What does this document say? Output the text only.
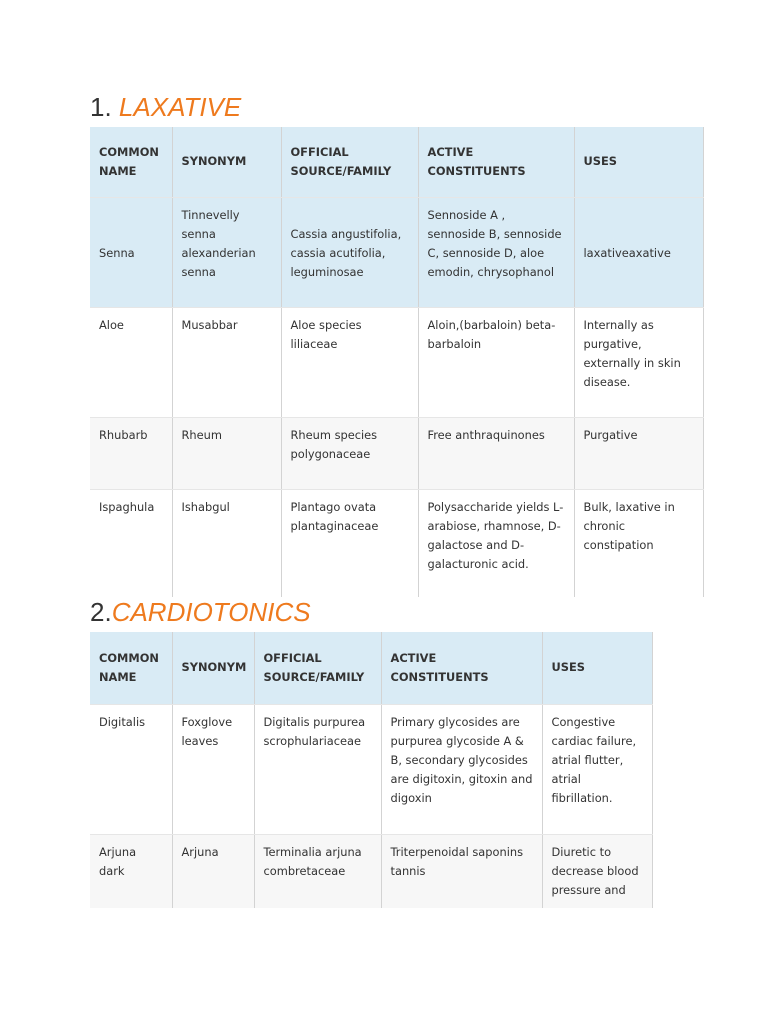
1. LAXATIVE
COMMON NAME	SYNONYM	OFFICIAL SOURCE/FAMILY	ACTIVE CONSTITUENTS	USES
Senna	Tinnevelly senna alexanderian senna	Cassia angustifolia, cassia acutifolia, leguminosae	Sennoside A , sennoside B, sennoside C, sennoside D, aloe emodin, chrysophanol	laxativeaxative
Aloe	Musabbar	Aloe species liliaceae	Aloin,(barbaloin) beta-barbaloin	Internally as purgative, externally in skin disease.
Rhubarb	Rheum	Rheum species polygonaceae	Free anthraquinones	Purgative
Ispaghula	Ishabgul	Plantago ovata plantaginaceae	Polysaccharide yields L-arabiose, rhamnose, D-galactose and D-galacturonic acid.	Bulk, laxative in chronic constipation
2.CARDIOTONICS
COMMON NAME	SYNONYM	OFFICIAL SOURCE/FAMILY	ACTIVE CONSTITUENTS	USES
Digitalis	Foxglove leaves	Digitalis purpurea scrophulariaceae	Primary glycosides are purpurea glycoside A & B, secondary glycosides are digitoxin, gitoxin and digoxin	Congestive cardiac failure, atrial flutter, atrial fibrillation.
Arjuna dark	Arjuna	Terminalia arjuna combretaceae	Triterpenoidal saponins tannis	Diuretic to decrease blood pressure and
